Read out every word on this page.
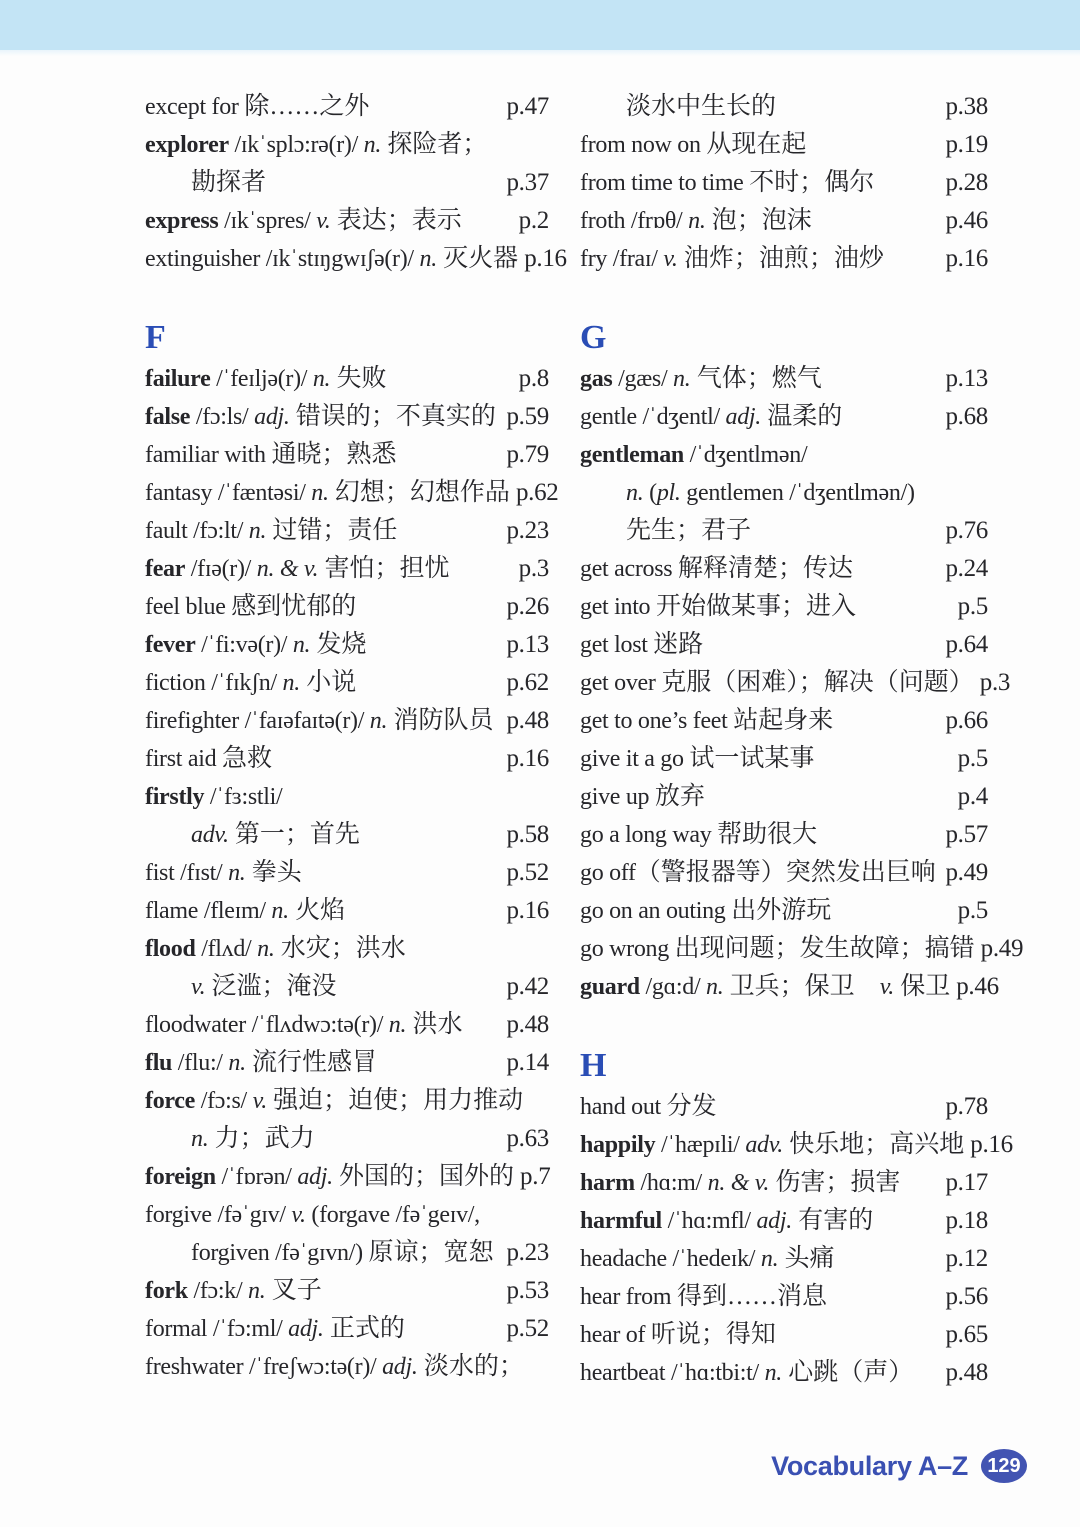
except for 除……之外	p.47
explorer /ɪkˈsplɔ:rə(r)/ n. 探险者；
勘探者	p.37
express /ɪkˈspres/ v. 表达；表示 p.2
extinguisher /ɪkˈstɪŋgwɪʃə(r)/ n. 灭火器 p.16
F
failure /ˈfeɪljə(r)/ n. 失败	p.8
false /fɔ:ls/ adj. 错误的；不真实的 p.59
familiar with 通晓；熟悉	p.79
fantasy /ˈfæntəsi/ n. 幻想；幻想作品 p.62
fault /fɔ:lt/ n. 过错；责任	p.23
fear /fɪə(r)/ n. & v. 害怕；担忧	p.3
feel blue 感到忧郁的	p.26
fever /ˈfi:və(r)/ n. 发烧	p.13
fiction /ˈfɪkʃn/ n. 小说	p.62
firefighter /ˈfaɪəfaɪtə(r)/ n. 消防队员 p.48
first aid 急救	p.16
firstly /ˈfɜ:stli/
adv. 第一；首先	p.58
fist /fɪst/ n. 拳头	p.52
flame /fleɪm/ n. 火焰	p.16
flood /flʌd/ n. 水灾；洪水
v. 泛滥；淹没	p.42
floodwater /ˈflʌdwɔ:tə(r)/ n. 洪水 p.48
flu /flu:/ n. 流行性感冒	p.14
force /fɔ:s/ v. 强迫；迫使；用力推动
n. 力；武力	p.63
foreign /ˈfɒrən/ adj. 外国的；国外的 p.7
forgive /fəˈgɪv/ v. (forgave /fəˈgeɪv/,
forgiven /fəˈgɪvn/) 原谅；宽恕 p.23
fork /fɔ:k/ n. 叉子	p.53
formal /ˈfɔ:ml/ adj. 正式的	p.52
freshwater /ˈfreʃwɔ:tə(r)/ adj. 淡水的；
淡水中生长的	p.38
from now on 从现在起	p.19
from time to time 不时；偶尔	p.28
froth /frɒθ/ n. 泡；泡沫	p.46
fry /fraɪ/ v. 油炸；油煎；油炒 p.16
G
gas /gæs/ n. 气体；燃气	p.13
gentle /ˈdʒentl/ adj. 温柔的	p.68
gentleman /ˈdʒentlmən/
n. (pl. gentlemen /ˈdʒentlmən/)
先生；君子	p.76
get across 解释清楚；传达	p.24
get into 开始做某事；进入	p.5
get lost 迷路	p.64
get over 克服（困难）；解决（问题） p.3
get to one’s feet 站起身来	p.66
give it a go 试一试某事	p.5
give up 放弃	p.4
go a long way 帮助很大	p.57
go off（警报器等）突然发出巨响 p.49
go on an outing 出外游玩	p.5
go wrong 出现问题；发生故障；搞错 p.49
guard /gɑ:d/ n. 卫兵；保卫　v. 保卫 p.46
H
hand out 分发	p.78
happily /ˈhæpɪli/ adv. 快乐地；高兴地 p.16
harm /hɑ:m/ n. & v. 伤害；损害 p.17
harmful /ˈhɑ:mfl/ adj. 有害的	p.18
headache /ˈhedeɪk/ n. 头痛	p.12
hear from 得到……消息	p.56
hear of 听说；得知	p.65
heartbeat /ˈhɑ:tbi:t/ n. 心跳（声） p.48
Vocabulary A–Z 129
